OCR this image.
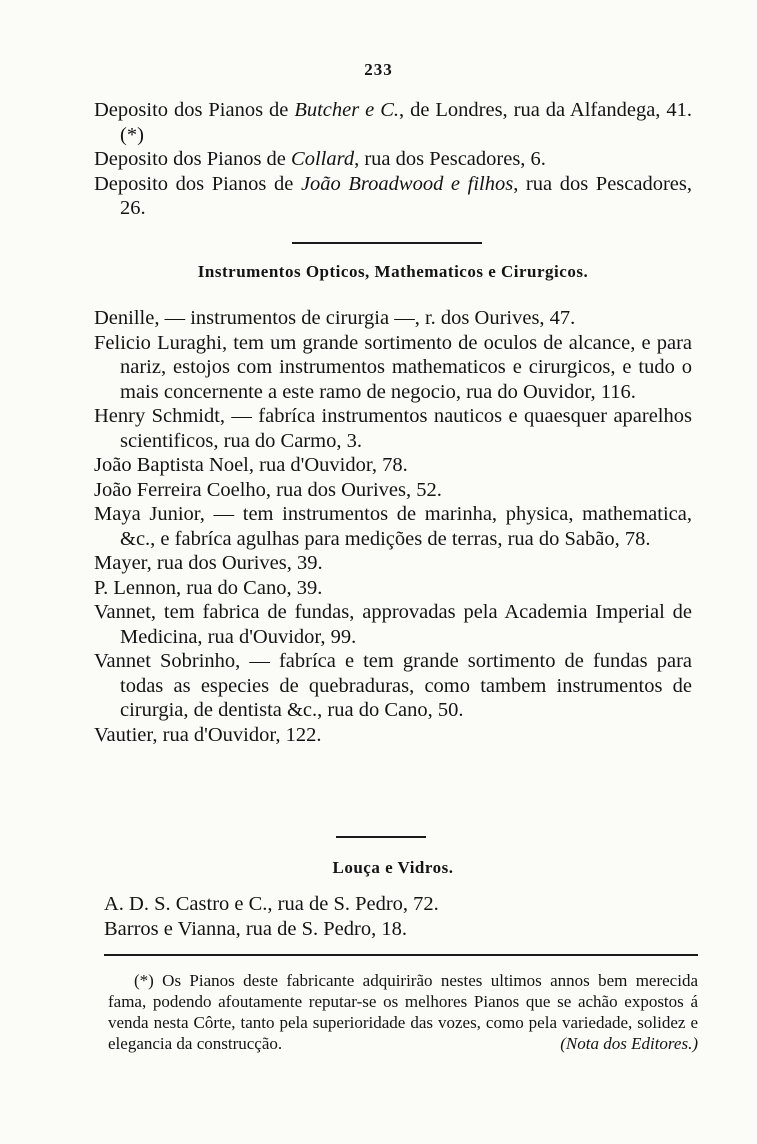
233
Deposito dos Pianos de Butcher e C., de Londres, rua da Alfandega, 41. (*)
Deposito dos Pianos de Collard, rua dos Pescadores, 6.
Deposito dos Pianos de João Broadwood e filhos, rua dos Pescadores, 26.
Instrumentos Opticos, Mathematicos e Cirurgicos.
Denille, — instrumentos de cirurgia —, r. dos Ourives, 47.
Felicio Luraghi, tem um grande sortimento de oculos de alcance, e para nariz, estojos com instrumentos mathematicos e cirurgicos, e tudo o mais concernente a este ramo de negocio, rua do Ouvidor, 116.
Henry Schmidt, — fabríca instrumentos nauticos e quaesquer aparelhos scientificos, rua do Carmo, 3.
João Baptista Noel, rua d'Ouvidor, 78.
João Ferreira Coelho, rua dos Ourives, 52.
Maya Junior, — tem instrumentos de marinha, physica, mathematica, &c., e fabríca agulhas para medições de terras, rua do Sabão, 78.
Mayer, rua dos Ourives, 39.
P. Lennon, rua do Cano, 39.
Vannet, tem fabrica de fundas, approvadas pela Academia Imperial de Medicina, rua d'Ouvidor, 99.
Vannet Sobrinho, — fabríca e tem grande sortimento de fundas para todas as especies de quebraduras, como tambem instrumentos de cirurgia, de dentista &c., rua do Cano, 50.
Vautier, rua d'Ouvidor, 122.
Louça e Vidros.
A. D. S. Castro e C., rua de S. Pedro, 72.
Barros e Vianna, rua de S. Pedro, 18.
(*) Os Pianos deste fabricante adquirirão nestes ultimos annos bem merecida fama, podendo afoutamente reputar-se os melhores Pianos que se achão expostos á venda nesta Côrte, tanto pela superioridade das vozes, como pela variedade, solidez e elegancia da construcção.	(Nota dos Editores.)
